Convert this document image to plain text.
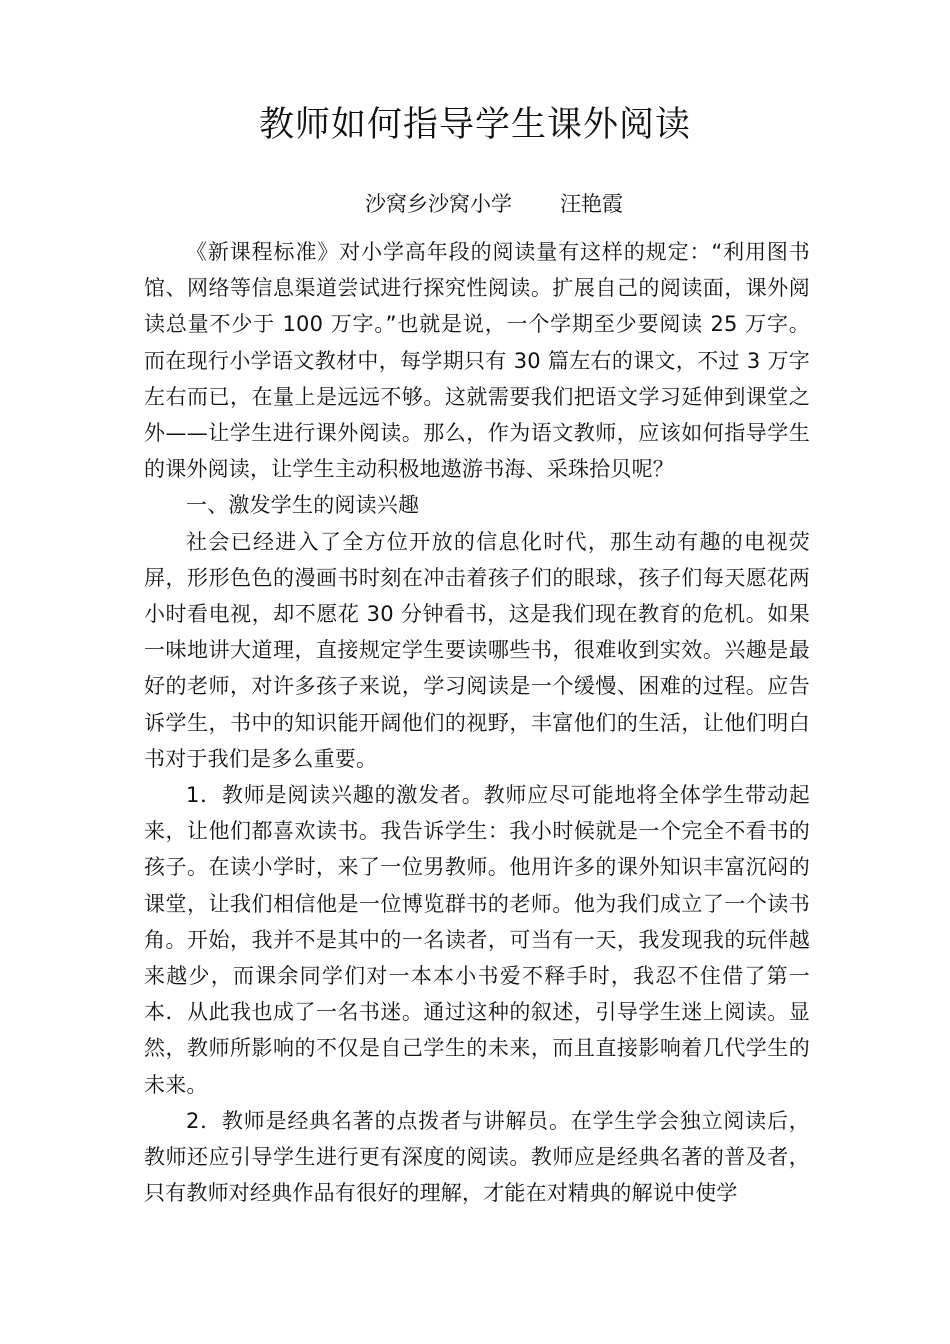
教师如何指导学生课外阅读
沙窝乡沙窝小学 汪艳霞

《新课程标准》对小学高年段的阅读量有这样的规定：“利用图书馆、网络等信息渠道尝试进行探究性阅读。扩展自己的阅读面，课外阅读总量不少于 100 万字。”也就是说，一个学期至少要阅读 25 万字。而在现行小学语文教材中，每学期只有 30 篇左右的课文，不过 3 万字左右而已，在量上是远远不够。这就需要我们把语文学习延伸到课堂之外——让学生进行课外阅读。那么，作为语文教师，应该如何指导学生的课外阅读，让学生主动积极地遨游书海、采珠拾贝呢？

一、激发学生的阅读兴趣

社会已经进入了全方位开放的信息化时代，那生动有趣的电视荧屏，形形色色的漫画书时刻在冲击着孩子们的眼球，孩子们每天愿花两小时看电视，却不愿花 30 分钟看书，这是我们现在教育的危机。如果一味地讲大道理，直接规定学生要读哪些书，很难收到实效。兴趣是最好的老师，对许多孩子来说，学习阅读是一个缓慢、困难的过程。应告诉学生，书中的知识能开阔他们的视野，丰富他们的生活，让他们明白书对于我们是多么重要。

1．教师是阅读兴趣的激发者。教师应尽可能地将全体学生带动起来，让他们都喜欢读书。我告诉学生：我小时候就是一个完全不看书的孩子。在读小学时，来了一位男教师。他用许多的课外知识丰富沉闷的课堂，让我们相信他是一位博览群书的老师。他为我们成立了一个读书角。开始，我并不是其中的一名读者，可当有一天，我发现我的玩伴越来越少，而课余同学们对一本本小书爱不释手时，我忍不住借了第一本．从此我也成了一名书迷。通过这种的叙述，引导学生迷上阅读。显然，教师所影响的不仅是自己学生的未来，而且直接影响着几代学生的未来。

2．教师是经典名著的点拨者与讲解员。在学生学会独立阅读后，教师还应引导学生进行更有深度的阅读。教师应是经典名著的普及者，只有教师对经典作品有很好的理解，才能在对精典的解说中使学
